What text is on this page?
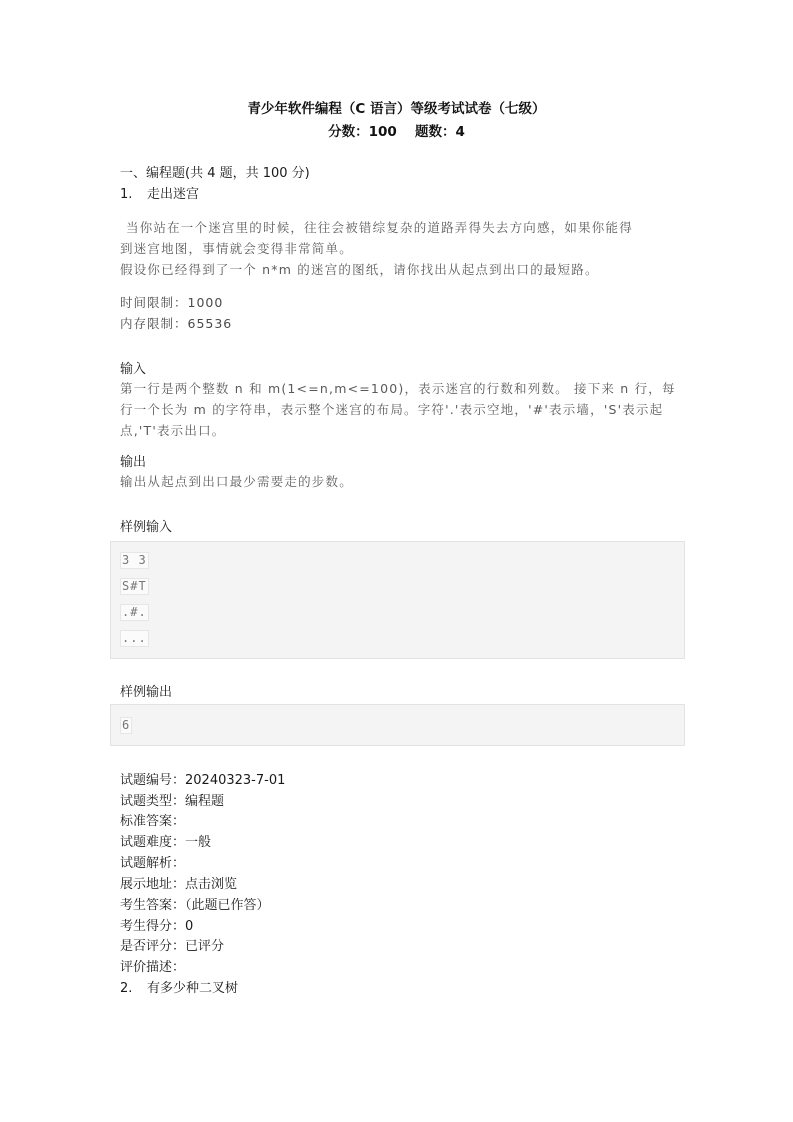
青少年软件编程（C 语言）等级考试试卷（七级）
分数：100　 题数：4
一、编程题(共 4 题，共 100 分)
1. 走出迷宫
当你站在一个迷宫里的时候，往往会被错综复杂的道路弄得失去方向感，如果你能得
到迷宫地图，事情就会变得非常简单。
假设你已经得到了一个 n*m 的迷宫的图纸，请你找出从起点到出口的最短路。
时间限制：1000
内存限制：65536
输入
第一行是两个整数 n 和 m(1<=n,m<=100)，表示迷宫的行数和列数。 接下来 n 行，每
行一个长为 m 的字符串，表示整个迷宫的布局。字符'.'表示空地，'#'表示墙，'S'表示起
点,'T'表示出口。
输出
输出从起点到出口最少需要走的步数。
样例输入
3 3
S#T
.#.
...
样例输出
6
试题编号：20240323-7-01
试题类型：编程题
标准答案：
试题难度：一般
试题解析：
展示地址：点击浏览
考生答案：（此题已作答）
考生得分：0
是否评分：已评分
评价描述：
2. 有多少种二叉树
